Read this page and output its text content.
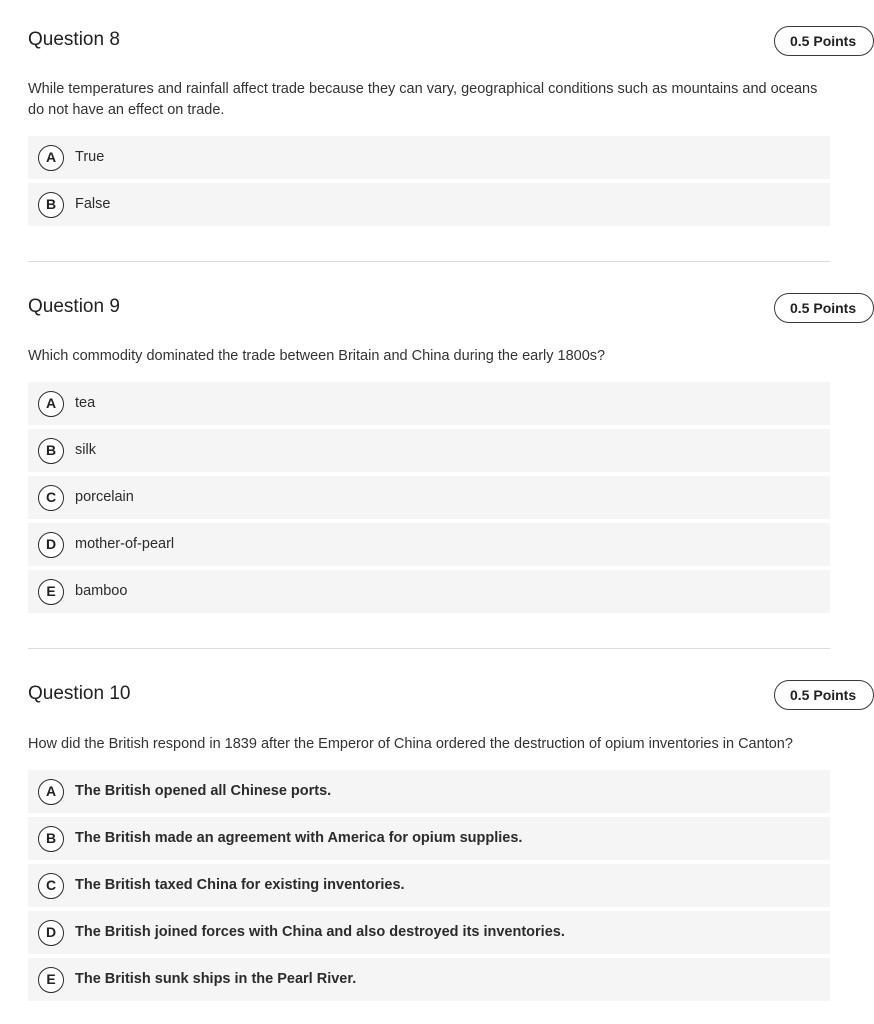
Question 8	0.5 Points
While temperatures and rainfall affect trade because they can vary, geographical conditions such as mountains and oceans do not have an effect on trade.
A	True
B	False
Question 9	0.5 Points
Which commodity dominated the trade between Britain and China during the early 1800s?
A	tea
B	silk
C	porcelain
D	mother-of-pearl
E	bamboo
Question 10	0.5 Points
How did the British respond in 1839 after the Emperor of China ordered the destruction of opium inventories in Canton?
A	The British opened all Chinese ports.
B	The British made an agreement with America for opium supplies.
C	The British taxed China for existing inventories.
D	The British joined forces with China and also destroyed its inventories.
E	The British sunk ships in the Pearl River.
